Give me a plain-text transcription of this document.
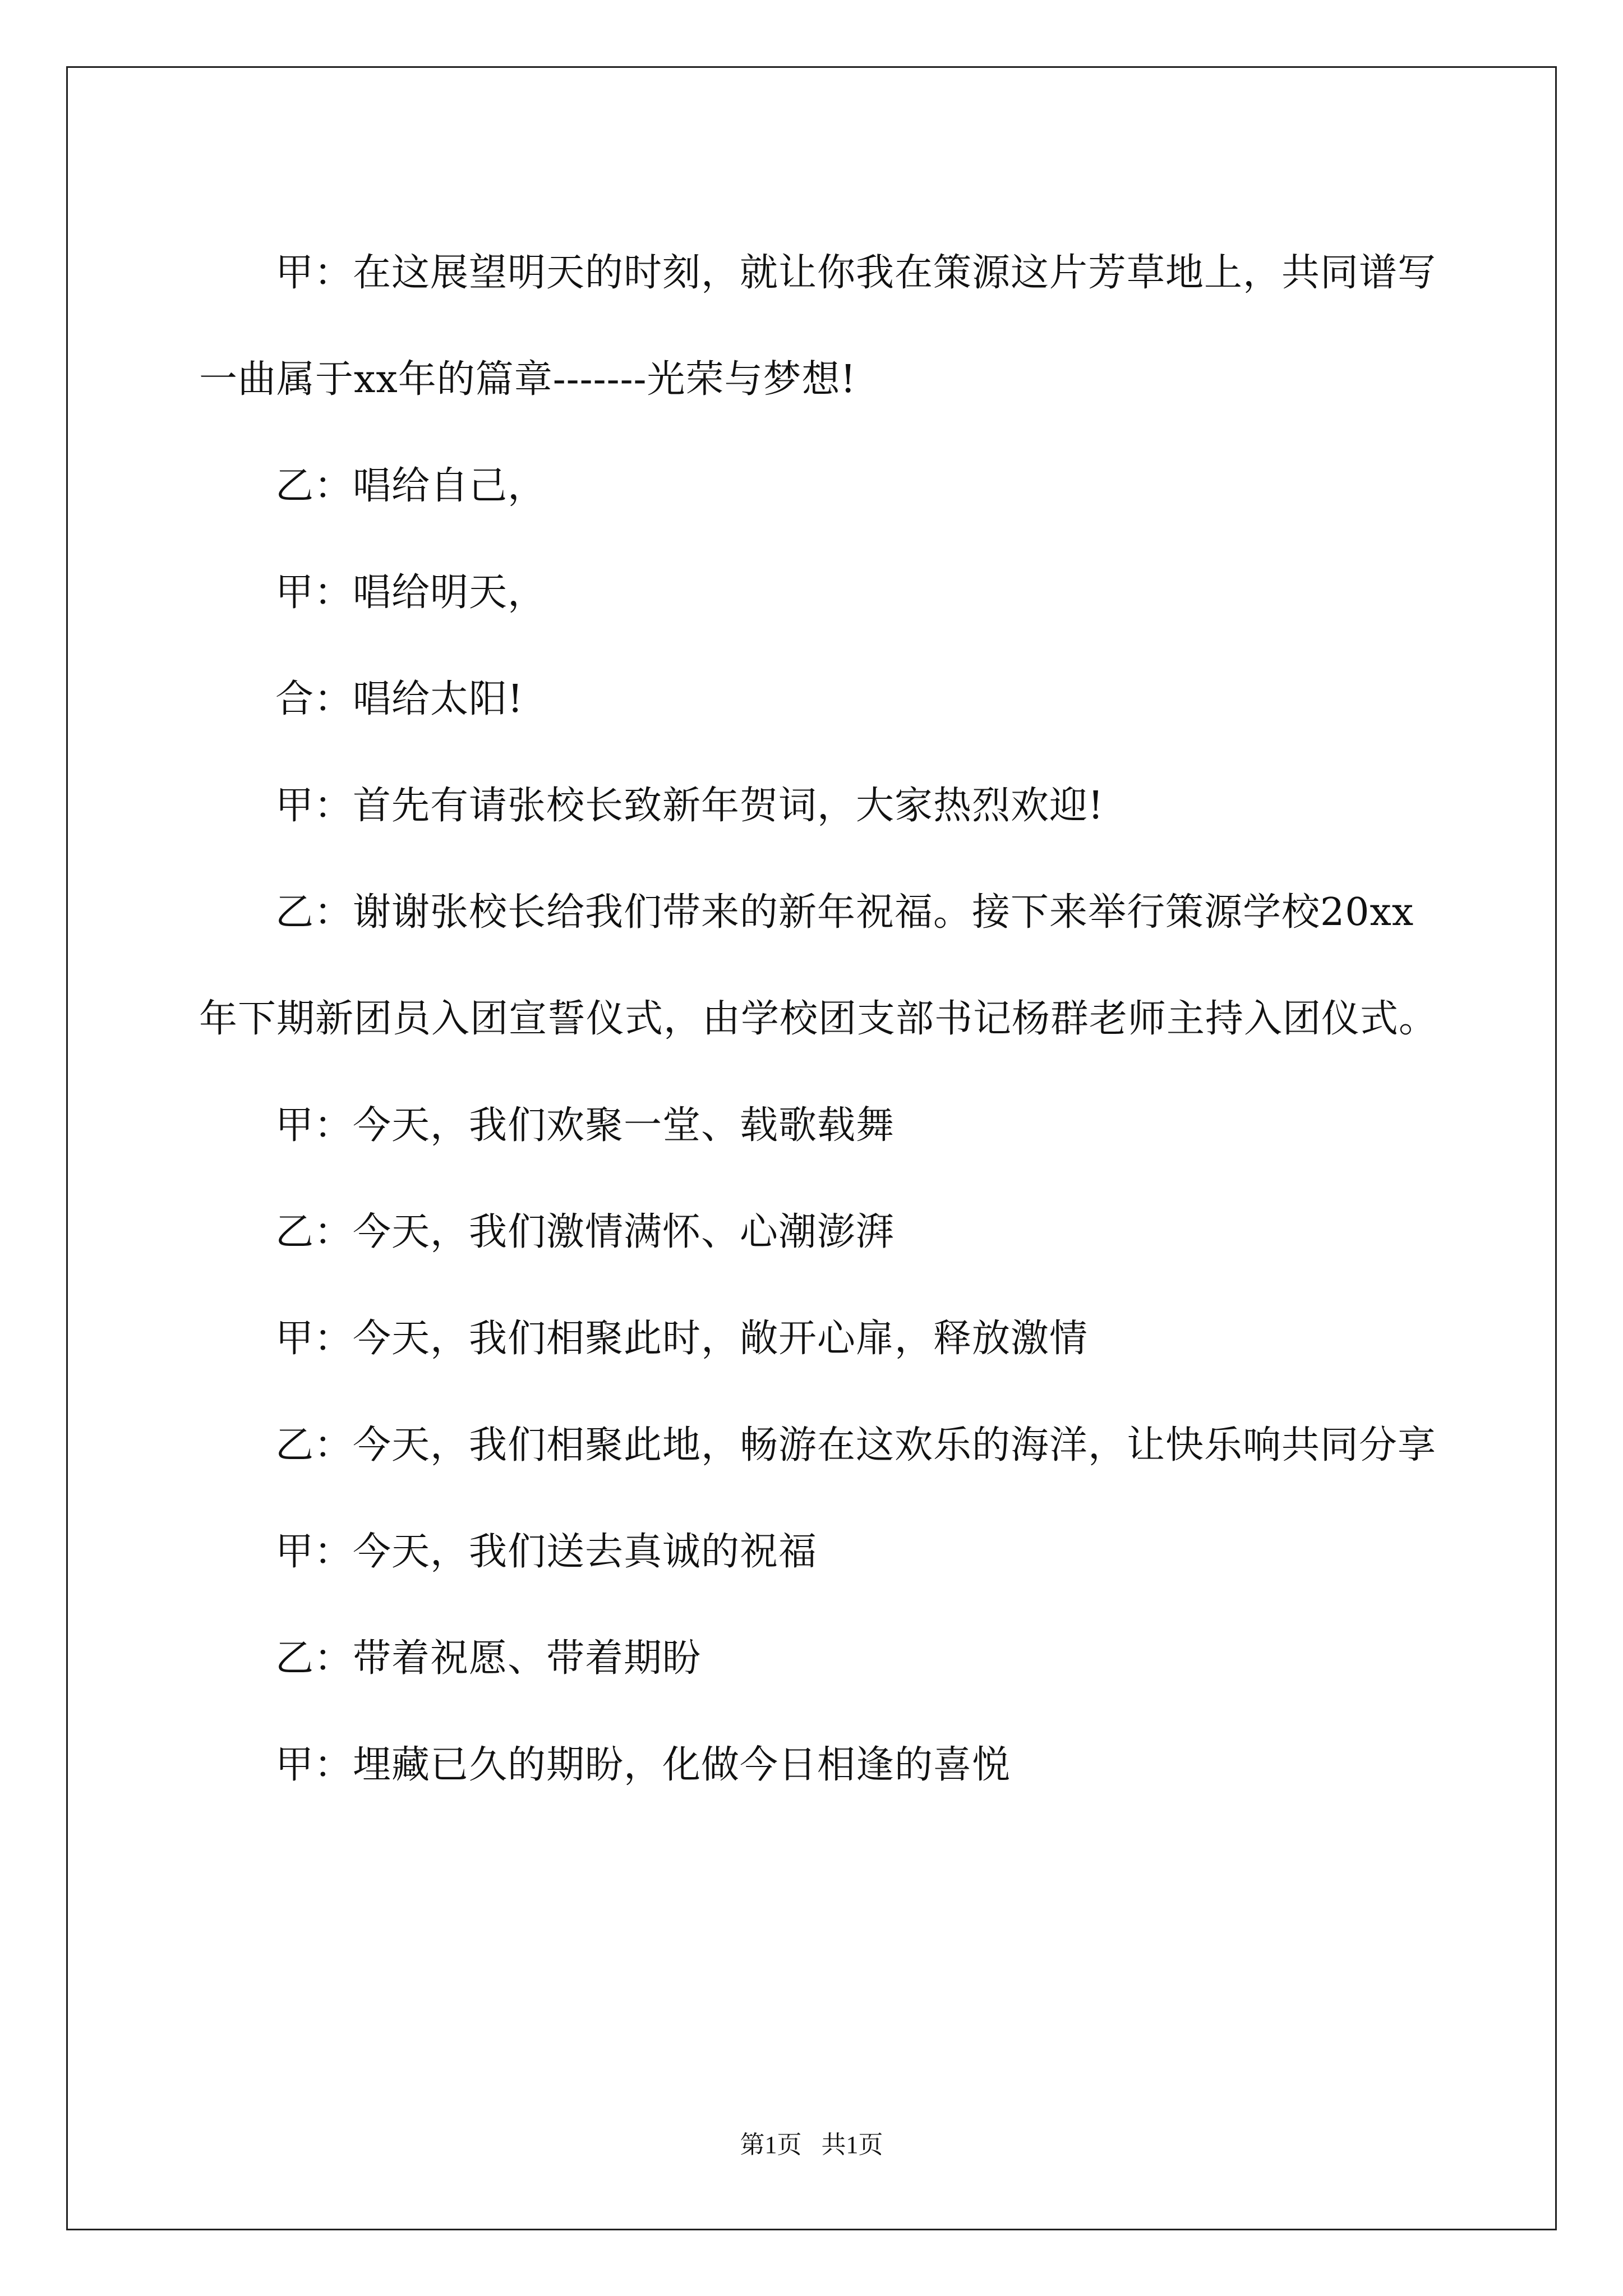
甲：在这展望明天的时刻，就让你我在策源这片芳草地上，共同谱写一曲属于xx年的篇章-------光荣与梦想!

乙：唱给自己，

甲：唱给明天，

合：唱给太阳!

甲：首先有请张校长致新年贺词，大家热烈欢迎!

乙：谢谢张校长给我们带来的新年祝福。接下来举行策源学校20xx年下期新团员入团宣誓仪式，由学校团支部书记杨群老师主持入团仪式。

甲：今天，我们欢聚一堂、载歌载舞

乙：今天，我们激情满怀、心潮澎湃

甲：今天，我们相聚此时，敞开心扉，释放激情

乙：今天，我们相聚此地，畅游在这欢乐的海洋，让快乐响共同分享

甲：今天，我们送去真诚的祝福

乙：带着祝愿、带着期盼

甲：埋藏已久的期盼，化做今日相逢的喜悦

第1页 共1页
